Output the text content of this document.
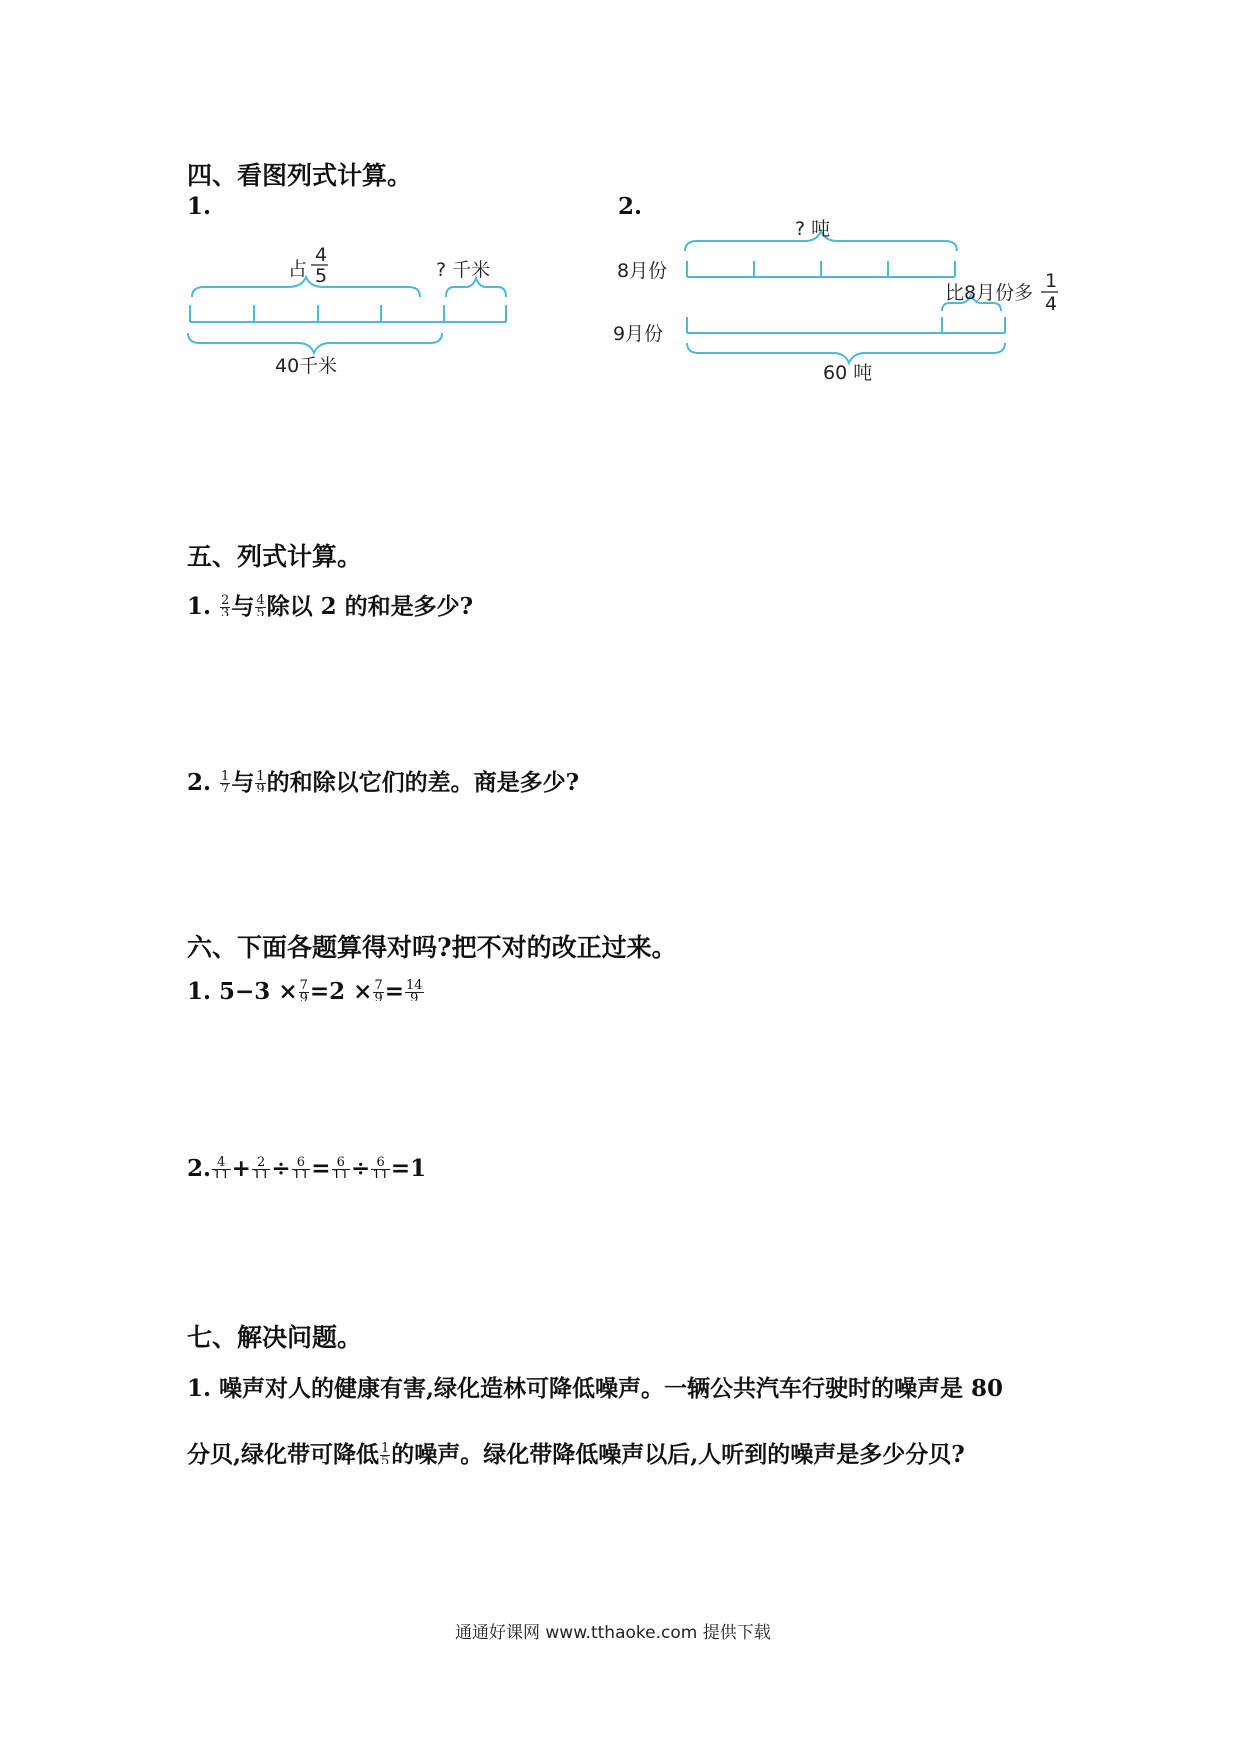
四、看图列式计算。
1.	2.
占
4
5	? 千米
40千米
? 吨
8月份
9月份
比8月份多
1
4
60 吨
五、列式计算。
1. $\frac{2}{3}$ 与 $\frac{4}{5}$ 除以 2 的和是多少?
2. $\frac{1}{7}$ 与 $\frac{1}{9}$ 的和除以它们的差。商是多少?
六、下面各题算得对吗?把不对的改正过来。
1. $5-3 \times \frac{7}{9} =2 \times \frac{7}{9} = \frac{14}{9}$
2. $\frac{4}{11} + \frac{2}{11} \div \frac{6}{11} = \frac{6}{11} \div \frac{6}{11} =1$
七、解决问题。
1. 噪声对人的健康有害,绿化造林可降低噪声。一辆公共汽车行驶时的噪声是 80
分贝,绿化带可降低 $\frac{1}{5}$ 的噪声。绿化带降低噪声以后,人听到的噪声是多少分贝?
通通好课网 www.tthaoke.com 提供下载
